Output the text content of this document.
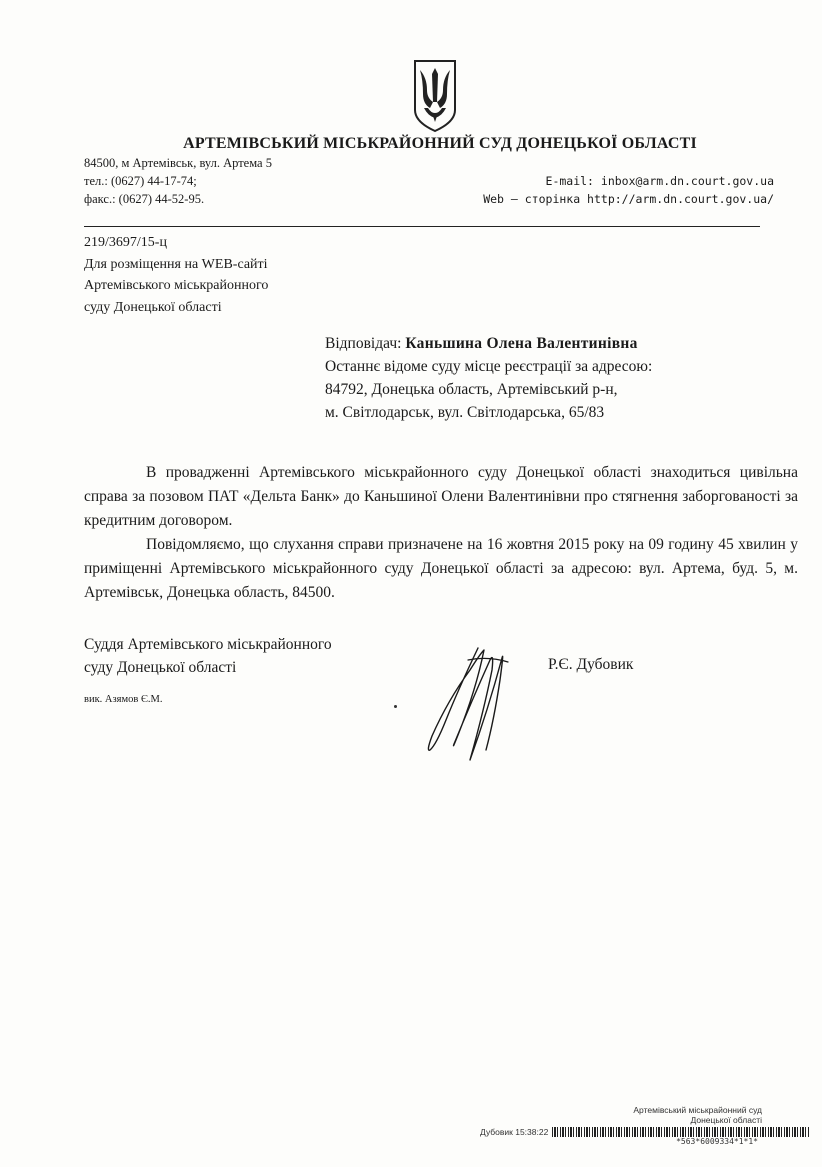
АРТЕМІВСЬКИЙ МІСЬКРАЙОННИЙ СУД ДОНЕЦЬКОЇ ОБЛАСТІ
84500, м Артемівськ, вул. Артема 5
тел.: (0627) 44-17-74;
факс.: (0627) 44-52-95.
E-mail: inbox@arm.dn.court.gov.ua
Web – сторінка http://arm.dn.court.gov.ua/
219/3697/15-ц
Для розміщення на WEB-сайті
Артемівського міськрайонного
суду Донецької області
Відповідач: Каньшина Олена Валентинівна
Останнє відоме суду місце реєстрації за адресою:
84792, Донецька область, Артемівський р-н,
м. Світлодарськ, вул. Світлодарська, 65/83

В провадженні Артемівського міськрайонного суду Донецької області знаходиться цивільна справа за позовом ПАТ «Дельта Банк» до Каньшиної Олени Валентинівни про стягнення заборгованості за кредитним договором.

Повідомляємо, що слухання справи призначене на 16 жовтня 2015 року на 09 годину 45 хвилин у приміщенні Артемівського міськрайонного суду Донецької області за адресою: вул. Артема, буд. 5, м. Артемівськ, Донецька область, 84500.

Суддя Артемівського міськрайонного
суду Донецької області	Р.Є. Дубовик
вик. Азямов Є.М.
Артемівський міськрайонний суд
Донецької області
Дубовик 15:38:22
*563*6009334*1*1*
